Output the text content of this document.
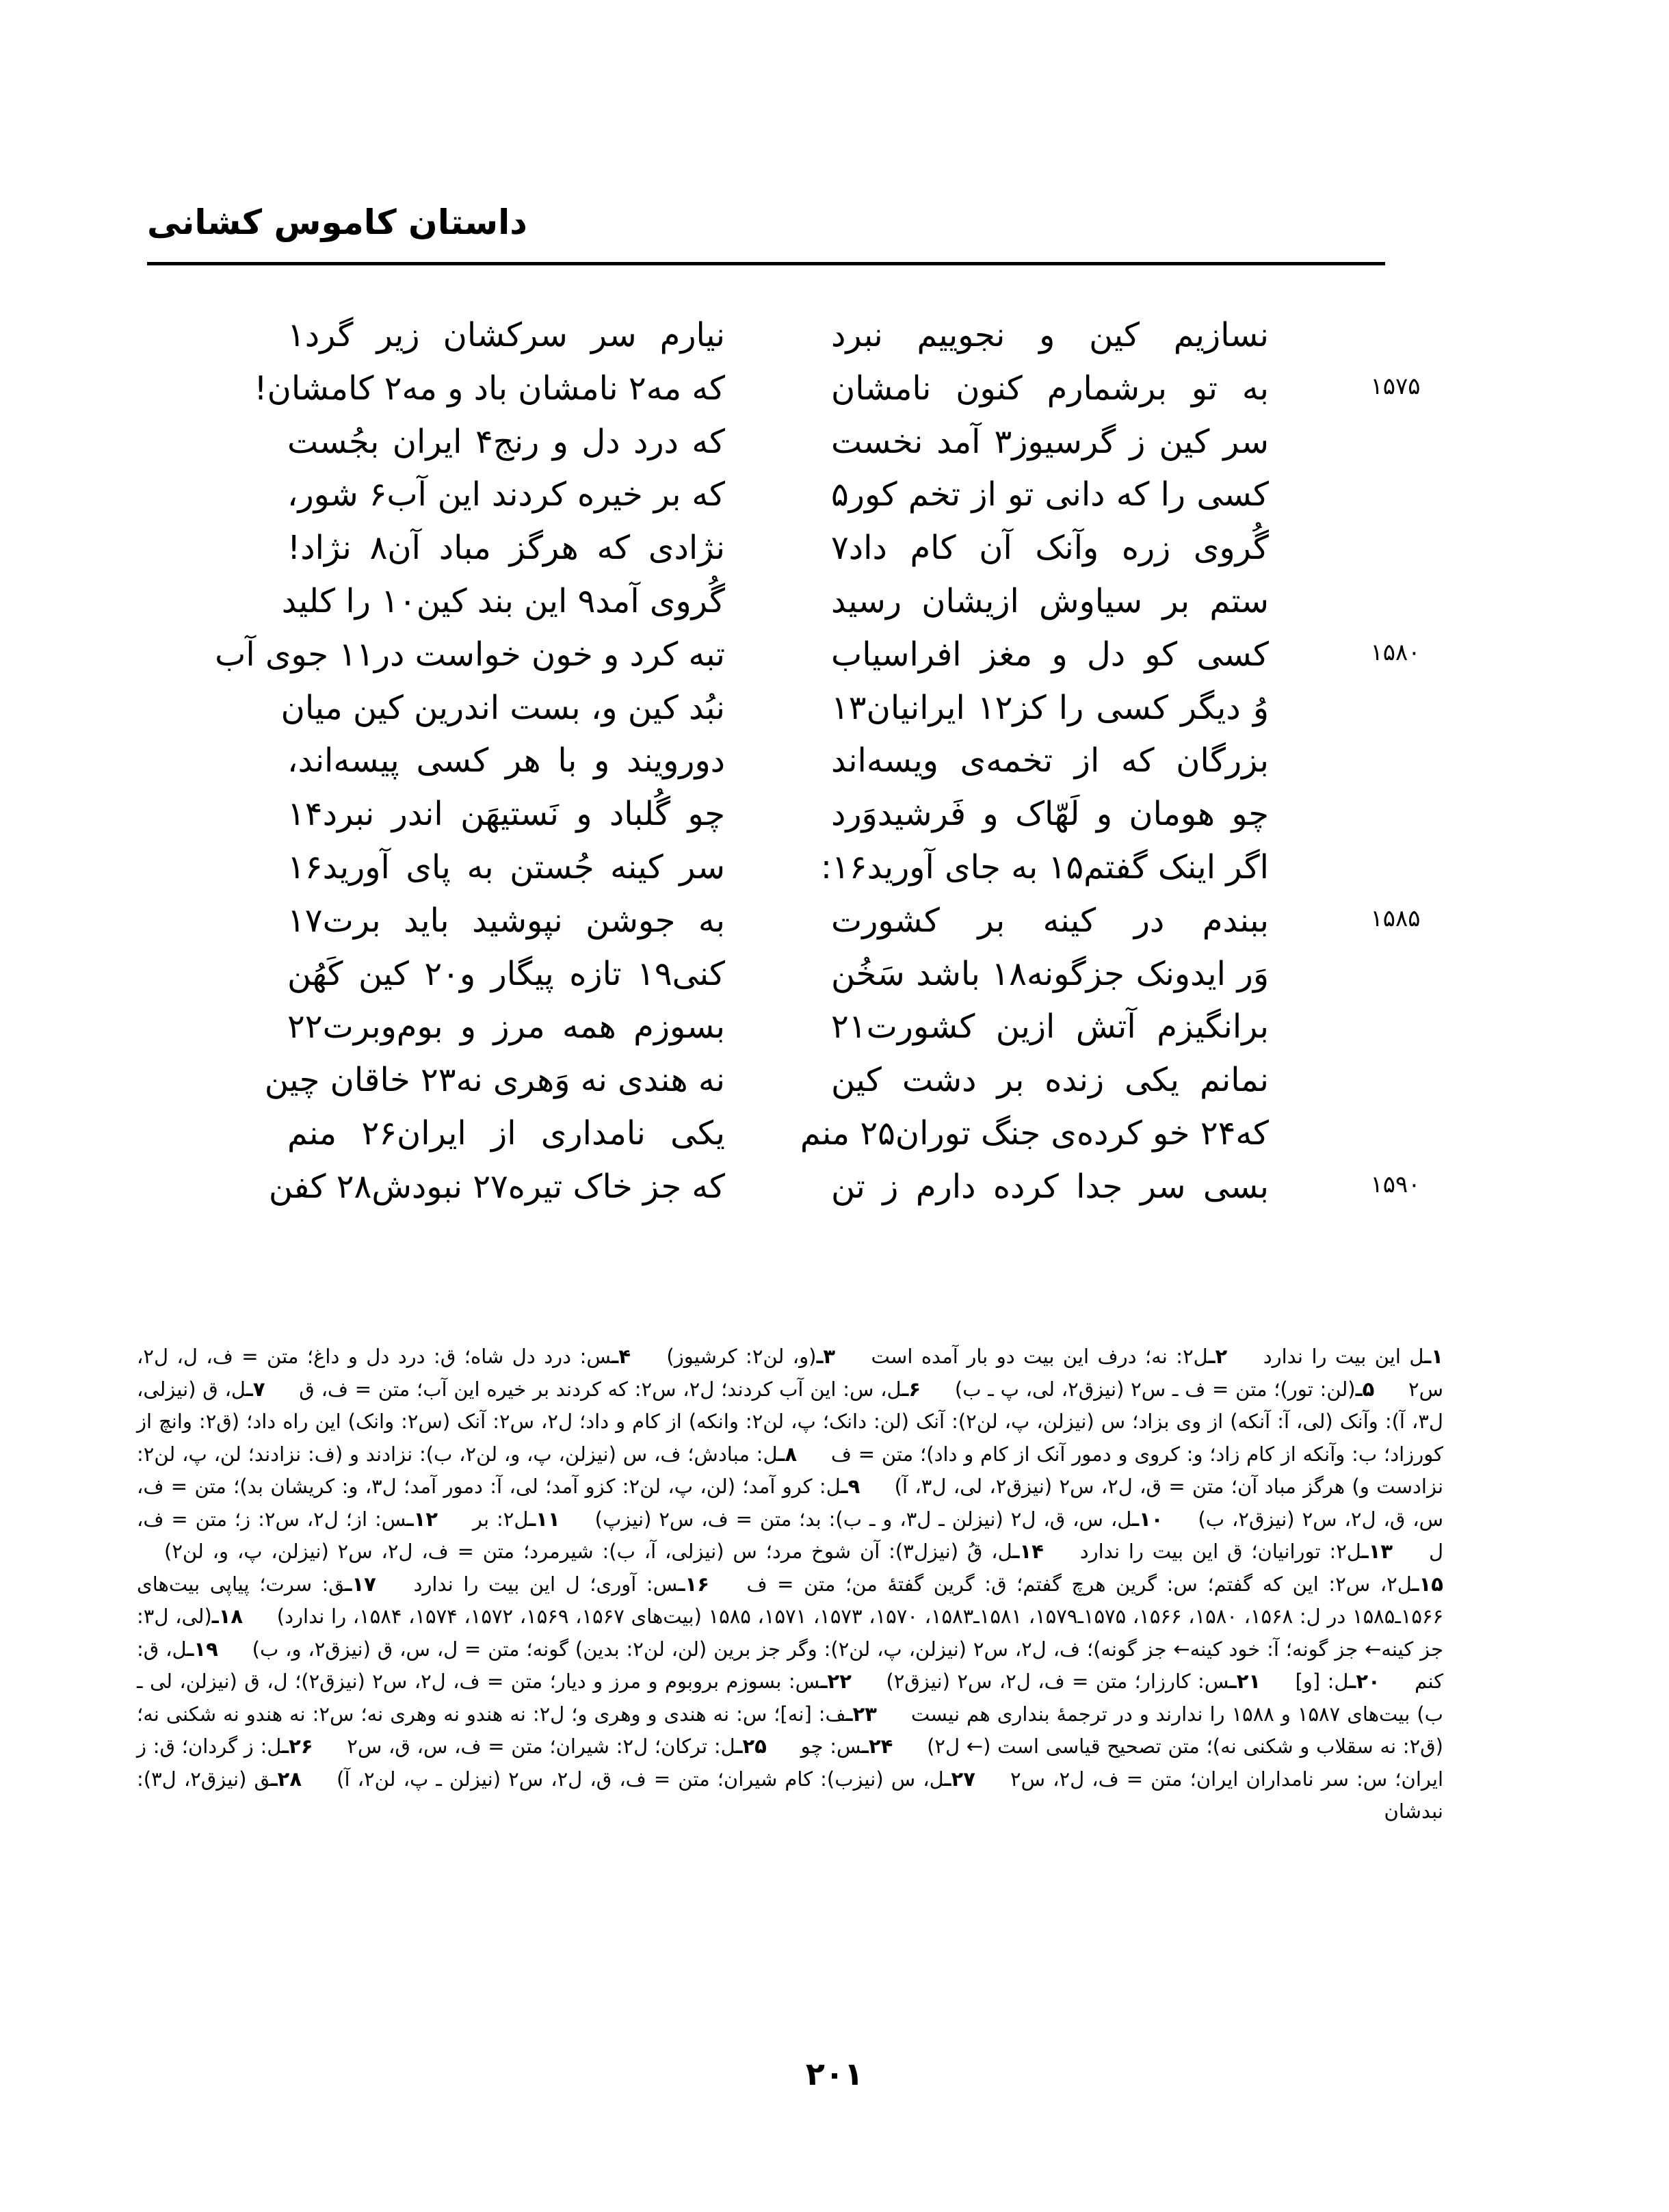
داستان کاموس کشانی
نسازیم کین و نجوییم نبرد
نیارم سر سرکشان زیر گرد۱
۱۵۷۵
به تو برشمارم کنون نامشان
که مه۲ نامشان باد و مه۲ کامشان!
سر کین ز گرسیوز۳ آمد نخست
که درد دل و رنج۴ ایران بجُست
کسی را که دانی تو از تخم کور۵
که بر خیره کردند این آب۶ شور،
گُروی زره وآنک آن کام داد۷
نژادی که هرگز مباد آن۸ نژاد!
ستم بر سیاوش ازیشان رسید
گُروی آمد۹ این بند کین۱۰ را کلید
۱۵۸۰
کسی کو دل و مغز افراسیاب
تبه کرد و خون خواست در۱۱ جوی آب
وُ دیگر کسی را کز۱۲ ایرانیان۱۳
نبُد کین و، بست اندرین کین میان
بزرگان که از تخمه‌ی ویسه‌اند
دورویند و با هر کسی پیسه‌اند،
چو هومان و لَهّاک و فَرشیدوَرد
چو گُلباد و نَستیهَن اندر نبرد۱۴
اگر اینک گفتم۱۵ به جای آورید۱۶:
سر کینه جُستن به پای آورید۱۶
۱۵۸۵
ببندم در کینه بر کشورت
به جوشن نپوشید باید برت۱۷
وَر ایدونک جزگونه۱۸ باشد سَخُن
کنی۱۹ تازه پیگار و۲۰ کین کَهُن
برانگیزم آتش ازین کشورت۲۱
بسوزم همه مرز و بوم‌وبرت۲۲
نمانم یکی زنده بر دشت کین
نه هندی نه وَهری نه۲۳ خاقان چین
که۲۴ خو کرده‌ی جنگ توران۲۵ منم
یکی نامداری از ایران۲۶ منم
۱۵۹۰
بسی سر جدا کرده دارم ز تن
که جز خاک تیره۲۷ نبودش۲۸ کفن
۱ـل این بیت را ندارد ۲ـل۲: نه؛ درف این بیت دو بار آمده است ۳ـ(و، لن۲: کرشیوز) ۴ـس: درد دل شاه؛ ق: درد دل و داغ؛ متن = ف، ل، ل۲، س۲ ۵ـ(لن: تور)؛ متن = ف ـ س۲ (نیزق۲، لی، پ ـ ب) ۶ـل، س: این آب کردند؛ ل۲، س۲: که کردند بر خیره این آب؛ متن = ف، ق ۷ـل، ق (نیزلی، ل۳، آ): وآنک (لی، آ: آنکه) از وی بزاد؛ س (نیزلن، پ، لن۲): آنک (لن: دانک؛ پ، لن۲: وانکه) از کام و داد؛ ل۲، س۲: آنک (س۲: وانک) این راه داد؛ (ق۲: وانچ از کورزاد؛ ب: وآنکه از کام زاد؛ و: کروی و دمور آنک از کام و داد)؛ متن = ف ۸ـل: مبادش؛ ف، س (نیزلن، پ، و، لن۲، ب): نزادند و (ف: نزادند؛ لن، پ، لن۲: نزادست و) هرگز مباد آن؛ متن = ق، ل۲، س۲ (نیزق۲، لی، ل۳، آ) ۹ـل: کرو آمد؛ (لن، پ، لن۲: کزو آمد؛ لی، آ: دمور آمد؛ ل۳، و: کریشان بد)؛ متن = ف، س، ق، ل۲، س۲ (نیزق۲، ب) ۱۰ـل، س، ق، ل۲ (نیزلن ـ ل۳، و ـ ب): بد؛ متن = ف، س۲ (نیزپ) ۱۱ـل۲: بر ۱۲ـس: از؛ ل۲، س۲: ز؛ متن = ف، ل ۱۳ـل۲: تورانیان؛ ق این بیت را ندارد ۱۴ـل، قُ (نیزل۳): آن شوخ مرد؛ س (نیزلی، آ، ب): شیرمرد؛ متن = ف، ل۲، س۲ (نیزلن، پ، و، لن۲) ۱۵ـل۲، س۲: این که گفتم؛ س: گرین هرچ گفتم؛ ق: گرین گفتهٔ من؛ متن = ف ۱۶ـس: آوری؛ ل این بیت را ندارد ۱۷ـق: سرت؛ پیاپی بیت‌های ۱۵۶۶ـ۱۵۸۵ در ل: ۱۵۶۸، ۱۵۸۰، ۱۵۶۶، ۱۵۷۵ـ۱۵۷۹، ۱۵۸۱ـ۱۵۸۳، ۱۵۷۰، ۱۵۷۳، ۱۵۷۱، ۱۵۸۵ (بیت‌های ۱۵۶۷، ۱۵۶۹، ۱۵۷۲، ۱۵۷۴، ۱۵۸۴، را ندارد) ۱۸ـ(لی، ل۳: جز کینه← جز گونه؛ آ: خود کینه← جز گونه)؛ ف، ل۲، س۲ (نیزلن، پ، لن۲): وگر جز برین (لن، لن۲: بدین) گونه؛ متن = ل، س، ق (نیزق۲، و، ب) ۱۹ـل، ق: کنم ۲۰ـل: [و] ۲۱ـس: کارزار؛ متن = ف، ل۲، س۲ (نیزق۲) ۲۲ـس: بسوزم بروبوم و مرز و دیار؛ متن = ف، ل۲، س۲ (نیزق۲)؛ ل، ق (نیزلن، لی ـ ب) بیت‌های ۱۵۸۷ و ۱۵۸۸ را ندارند و در ترجمهٔ بنداری هم نیست ۲۳ـف: [نه]؛ س: نه هندی و وهری و؛ ل۲: نه هندو نه وهری نه؛ س۲: نه هندو نه شکنی نه؛ (ق۲: نه سقلاب و شکنی نه)؛ متن تصحیح قیاسی است (← ل۲) ۲۴ـس: چو ۲۵ـل: ترکان؛ ل۲: شیران؛ متن = ف، س، ق، س۲ ۲۶ـل: ز گردان؛ ق: ز ایران؛ س: سر نامداران ایران؛ متن = ف، ل۲، س۲ ۲۷ـل، س (نیزب): کام شیران؛ متن = ف، ق، ل۲، س۲ (نیزلن ـ پ، لن۲، آ) ۲۸ـق (نیزق۲، ل۳): نبدشان
۲۰۱
